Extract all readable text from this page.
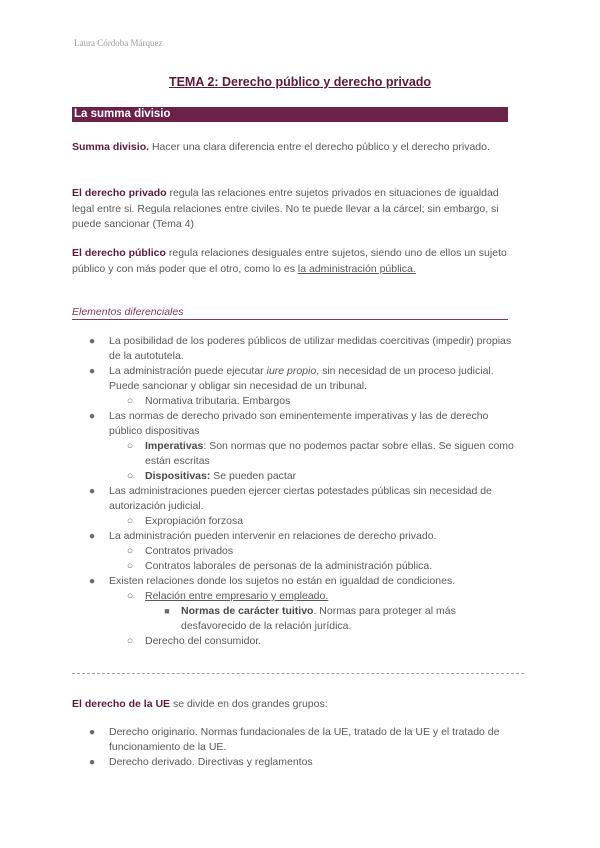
Laura Córdoba Márquez
TEMA 2: Derecho público y derecho privado
La summa divisio
Summa divisio. Hacer una clara diferencia entre el derecho público y el derecho privado.
El derecho privado regula las relaciones entre sujetos privados en situaciones de igualdad legal entre si. Regula relaciones entre civiles. No te puede llevar a la cárcel; sin embargo, si puede sancionar (Tema 4)
El derecho público regula relaciones desiguales entre sujetos, siendo uno de ellos un sujeto público y con más poder que el otro, como lo es la administración pública.
Elementos diferenciales
● La posibilidad de los poderes públicos de utilizar medidas coercitivas (impedir) propias de la autotutela.
● La administración puede ejecutar iure propio, sin necesidad de un proceso judicial. Puede sancionar y obligar sin necesidad de un tribunal.
○ Normativa tributaria. Embargos
● Las normas de derecho privado son eminentemente imperativas y las de derecho público dispositivas
○ Imperativas: Son normas que no podemos pactar sobre ellas. Se siguen como están escritas
○ Dispositivas: Se pueden pactar
● Las administraciones pueden ejercer ciertas potestades públicas sin necesidad de autorización judicial.
○ Expropiación forzosa
● La administración pueden intervenir en relaciones de derecho privado.
○ Contratos privados
○ Contratos laborales de personas de la administración pública.
● Existen relaciones donde los sujetos no están en igualdad de condiciones.
○ Relación entre empresario y empleado.
■	Normas de carácter tuitivo. Normas para proteger al más desfavorecido de la relación jurídica.
○ Derecho del consumidor.
El derecho de la UE se divide en dos grandes grupos:
● Derecho originario. Normas fundacionales de la UE, tratado de la UE y el tratado de funcionamiento de la UE.
● Derecho derivado. Directivas y reglamentos
